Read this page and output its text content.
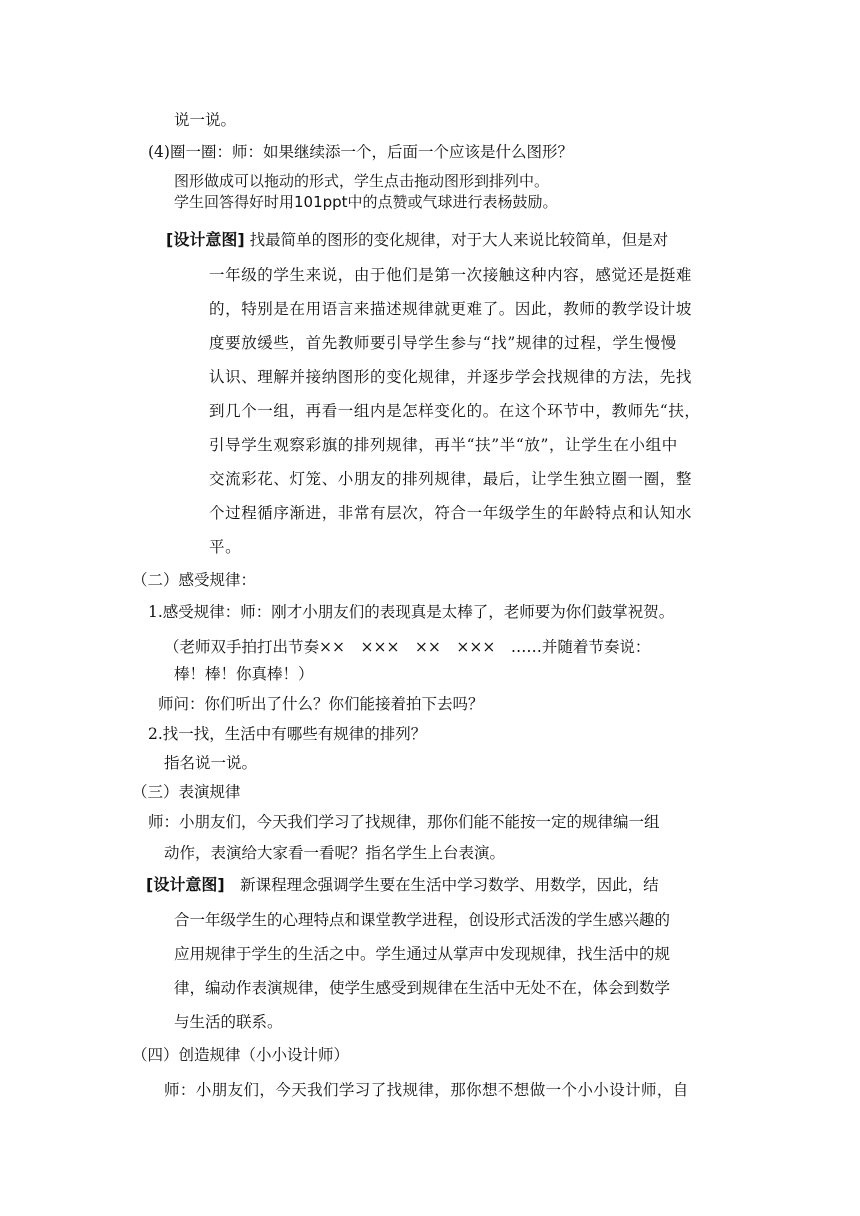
说一说。
(4)圈一圈：师：如果继续添一个，后面一个应该是什么图形？
图形做成可以拖动的形式，学生点击拖动图形到排列中。
学生回答得好时用101ppt中的点赞或气球进行表杨鼓励。
[设计意图] 找最简单的图形的变化规律，对于大人来说比较简单，但是对
一年级的学生来说，由于他们是第一次接触这种内容，感觉还是挺难
的，特别是在用语言来描述规律就更难了。因此，教师的教学设计坡
度要放缓些，首先教师要引导学生参与“找”规律的过程，学生慢慢
认识、理解并接纳图形的变化规律，并逐步学会找规律的方法，先找
到几个一组，再看一组内是怎样变化的。在这个环节中，教师先“扶，
引导学生观察彩旗的排列规律，再半“扶”半“放”，让学生在小组中
交流彩花、灯笼、小朋友的排列规律，最后，让学生独立圈一圈，整
个过程循序渐进，非常有层次，符合一年级学生的年龄特点和认知水
平。
（二）感受规律：
1.感受规律：师：刚才小朋友们的表现真是太棒了，老师要为你们鼓掌祝贺。
（老师双手拍打出节奏××　×××　××　×××　……并随着节奏说：
棒！棒！你真棒！）
师问：你们听出了什么？你们能接着拍下去吗？
2.找一找，生活中有哪些有规律的排列？
指名说一说。
（三）表演规律
师：小朋友们，今天我们学习了找规律，那你们能不能按一定的规律编一组
动作，表演给大家看一看呢？指名学生上台表演。
[设计意图]　新课程理念强调学生要在生活中学习数学、用数学，因此，结
合一年级学生的心理特点和课堂教学进程，创设形式活泼的学生感兴趣的
应用规律于学生的生活之中。学生通过从掌声中发现规律，找生活中的规
律，编动作表演规律，使学生感受到规律在生活中无处不在，体会到数学
与生活的联系。
（四）创造规律（小小设计师）
师：小朋友们，今天我们学习了找规律，那你想不想做一个小小设计师，自
